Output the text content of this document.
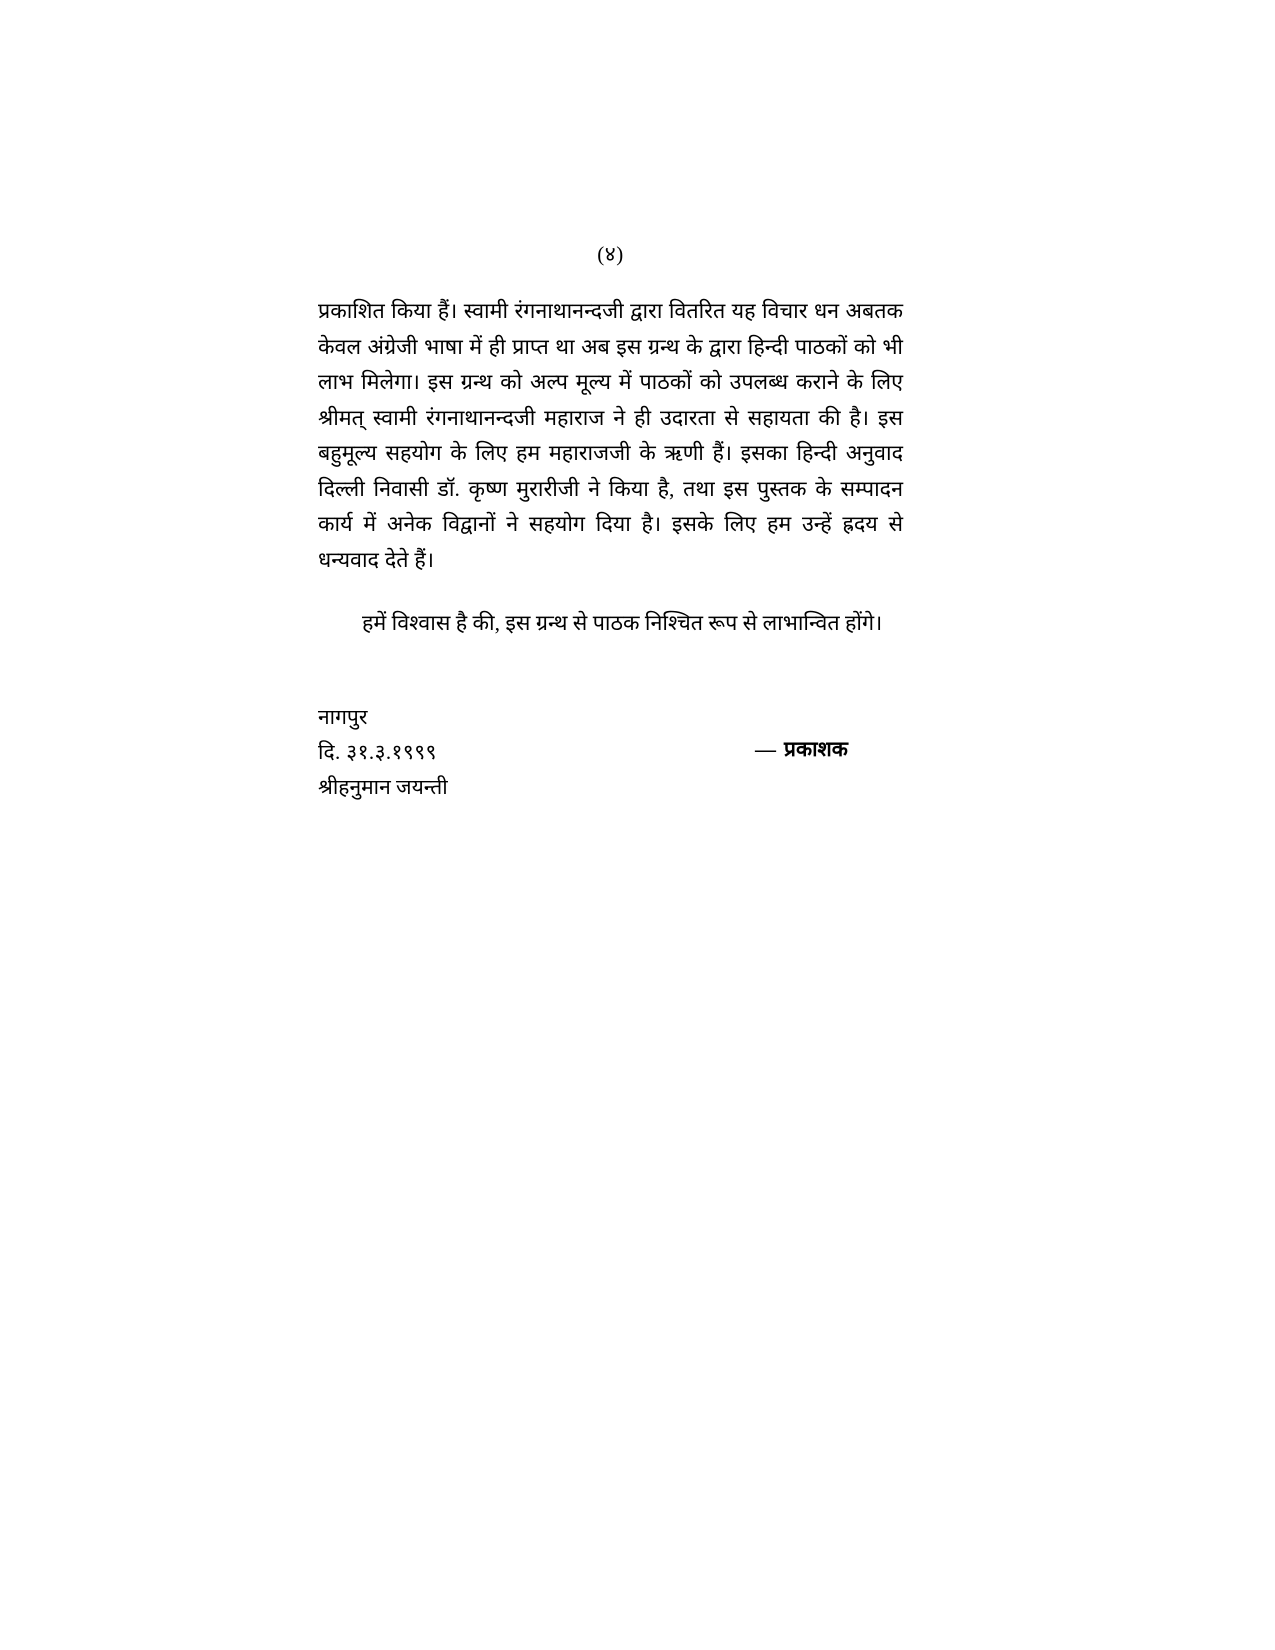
(४)

प्रकाशित किया हैं। स्वामी रंगनाथानन्दजी द्वारा वितरित यह विचार धन अबतक केवल अंग्रेजी भाषा में ही प्राप्त था अब इस ग्रन्थ के द्वारा हिन्दी पाठकों को भी लाभ मिलेगा। इस ग्रन्थ को अल्प मूल्य में पाठकों को उपलब्ध कराने के लिए श्रीमत् स्वामी रंगनाथानन्दजी महाराज ने ही उदारता से सहायता की है। इस बहुमूल्य सहयोग के लिए हम महाराजजी के ऋणी हैं। इसका हिन्दी अनुवाद दिल्ली निवासी डॉ. कृष्ण मुरारीजी ने किया है, तथा इस पुस्तक के सम्पादन कार्य में अनेक विद्वानों ने सहयोग दिया है। इसके लिए हम उन्हें ह्रदय से धन्यवाद देते हैं।

हमें विश्वास है की, इस ग्रन्थ से पाठक निश्चित रूप से लाभान्वित होंगे।

नागपुर
दि. ३१.३.१९९९
श्रीहनुमान जयन्ती
— प्रकाशक
